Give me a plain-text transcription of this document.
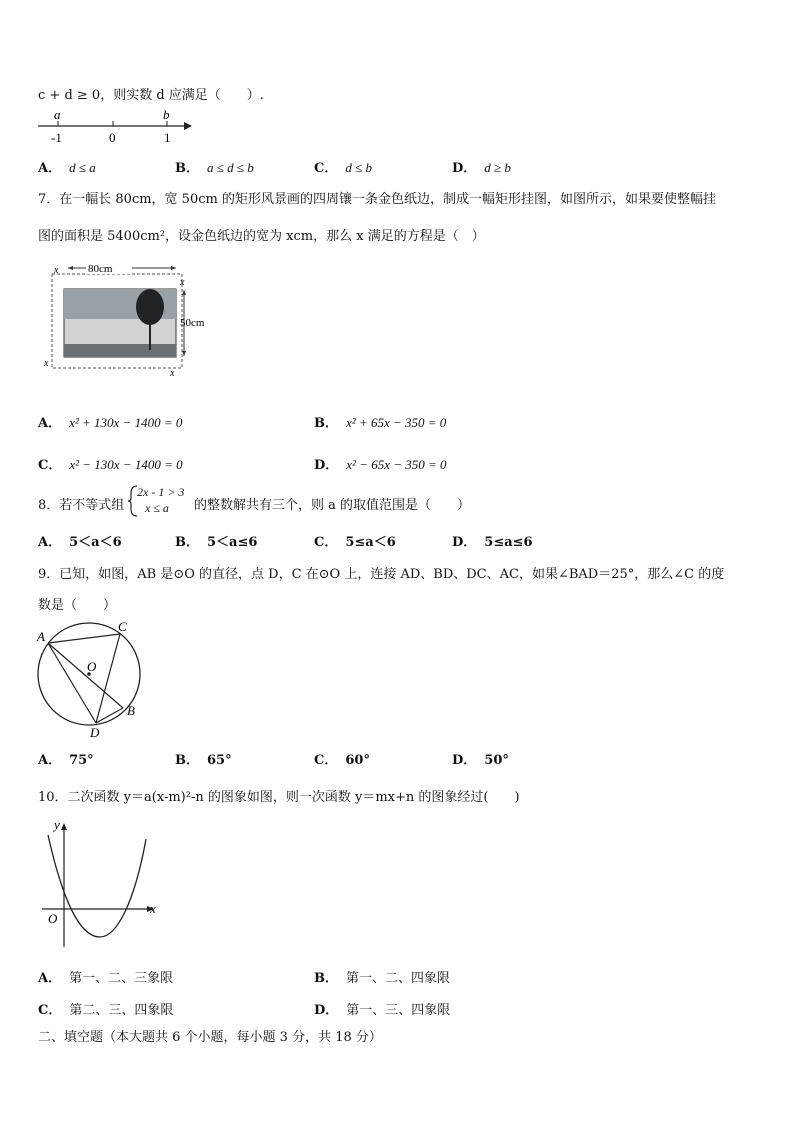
c + d ≥ 0，则实数 d 应满足（　　）.
a	b
-1	0	1
A． d ≤ a	B． a ≤ d ≤ b	C． d ≤ b	D． d ≥ b
7．在一幅长 80cm，宽 50cm 的矩形风景画的四周镶一条金色纸边，制成一幅矩形挂图，如图所示，如果要使整幅挂
图的面积是 5400cm²，设金色纸边的宽为 xcm，那么 x 满足的方程是（　）
80cm
x
50cm
x
x
x
A． x² + 130x − 1400 = 0	B． x² + 65x − 350 = 0
C． x² − 130x − 1400 = 0	D． x² − 65x − 350 = 0
8．若不等式组
2x - 1 > 3
x ≤ a 的整数解共有三个，则 a 的取值范围是（　　）
A． 5＜a＜6	B． 5＜a≤6	C． 5≤a＜6	D． 5≤a≤6
9．已知，如图，AB 是⊙O 的直径，点 D，C 在⊙O 上，连接 AD、BD、DC、AC，如果∠BAD＝25°，那么∠C 的度
数是（　　）
A
C
O
B
D
A． 75°	B． 65°	C． 60°	D． 50°
10．二次函数 y＝a(x-m)²-n 的图象如图，则一次函数 y＝mx+n 的图象经过(　　)
y
x
O
A． 第一、二、三象限	B． 第一、二、四象限
C． 第二、三、四象限	D． 第一、三、四象限
二、填空题（本大题共 6 个小题，每小题 3 分，共 18 分）
